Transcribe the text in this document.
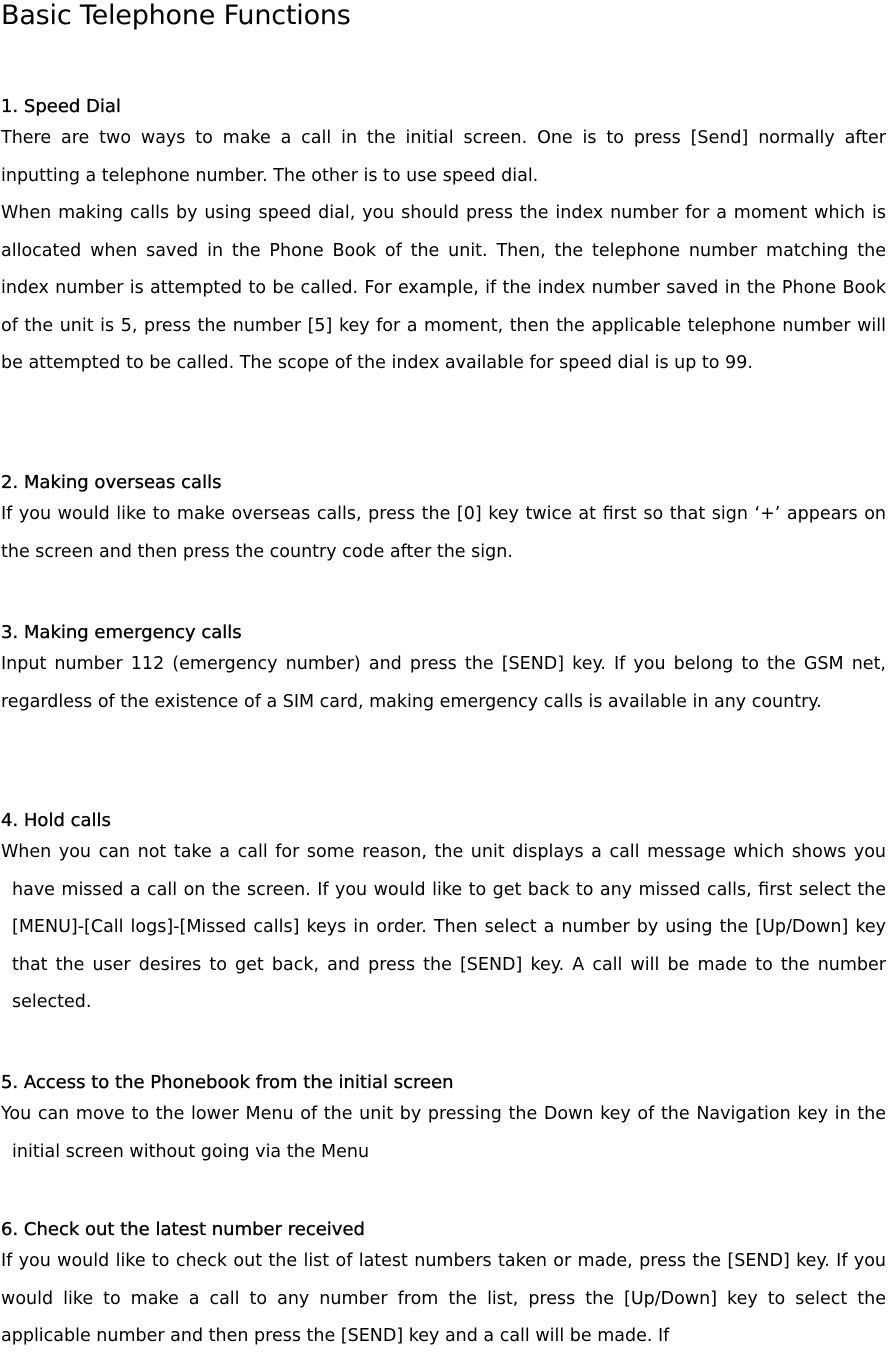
Basic Telephone Functions
1. Speed Dial

There are two ways to make a call in the initial screen. One is to press [Send] normally after inputting a telephone number. The other is to use speed dial.

When making calls by using speed dial, you should press the index number for a moment which is allocated when saved in the Phone Book of the unit. Then, the telephone number matching the index number is attempted to be called. For example, if the index number saved in the Phone Book of the unit is 5, press the number [5] key for a moment, then the applicable telephone number will be attempted to be called. The scope of the index available for speed dial is up to 99.

2. Making overseas calls

If you would like to make overseas calls, press the [0] key twice at first so that sign ‘+’ appears on the screen and then press the country code after the sign.

3. Making emergency calls

Input number 112 (emergency number) and press the [SEND] key. If you belong to the GSM net, regardless of the existence of a SIM card, making emergency calls is available in any country.

4. Hold calls

When you can not take a call for some reason, the unit displays a call message which shows you have missed a call on the screen. If you would like to get back to any missed calls, first select the [MENU]-[Call logs]-[Missed calls] keys in order. Then select a number by using the [Up/Down] key that the user desires to get back, and press the [SEND] key. A call will be made to the number selected.

5. Access to the Phonebook from the initial screen

You can move to the lower Menu of the unit by pressing the Down key of the Navigation key in the initial screen without going via the Menu

6. Check out the latest number received

If you would like to check out the list of latest numbers taken or made, press the [SEND] key. If you would like to make a call to any number from the list, press the [Up/Down] key to select the applicable number and then press the [SEND] key and a call will be made. If
